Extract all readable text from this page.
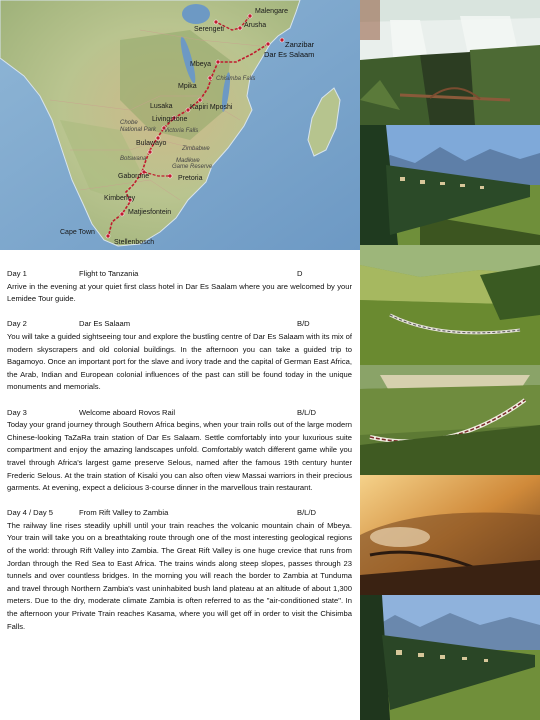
Malengare
Arusha
Serengeti
Zanzibar
Dar Es Salaam
Mbeya
Chisimba Falls
Mpika
Lusaka Kapiri Mposhi
Livingstone
Chobe National Park Victoria Falls
Bulawayo
Botswana
Zimbabwe
Madikwe
Game Reserve
Gaborone	Pretoria
Kimberley
Matjiesfontein
Cape Town
Stellenbosch
Day 1	Flight to Tanzania	D
Arrive in the evening at your quiet first class hotel in Dar Es Saalam where you are welcomed by your Lemidee Tour guide.
Day 2	Dar Es Salaam	B/D
You will take a guided sightseeing tour and explore the bustling centre of Dar Es Salaam with its mix of modern skyscrapers and old colonial buildings. In the afternoon you can take a guided trip to Bagamoyo. Once an important port for the slave and ivory trade and the capital of German East Africa, the Arab, Indian and European colonial influences of the past can still be found today in the unique monuments and memorials.
Day 3	Welcome aboard Rovos Rail	B/L/D
Today your grand journey through Southern Africa begins, when your train rolls out of the large modern Chinese-looking TaZaRa train station of Dar Es Salaam. Settle comfortably into your luxurious suite compartment and enjoy the amazing landscapes unfold. Comfortably watch different game while you travel through Africa's largest game preserve Selous, named after the famous 19th century hunter Frederic Selous. At the train station of Kisaki you can also often view Massai warriors in their precious garments. At evening, expect a delicious 3-course dinner in the marvellous train restaurant.
Day 4 / Day 5	From Rift Valley to Zambia	B/L/D
The railway line rises steadily uphill until your train reaches the volcanic mountain chain of Mbeya. Your train will take you on a breathtaking route through one of the most interesting geological regions of the world: through Rift Valley into Zambia. The Great Rift Valley is one huge crevice that runs from Jordan through the Red Sea to East Africa. The trains winds along steep slopes, passes through 23 tunnels and over countless bridges. In the morning you will reach the border to Zambia at Tunduma and travel through Northern Zambia's vast uninhabited bush land plateau at an altitude of about 1,300 meters. Due to the dry, moderate climate Zambia is often referred to as the "air-conditioned state". In the afternoon your Private Train reaches Kasama, where you will get off in order to visit the Chisimba Falls.
